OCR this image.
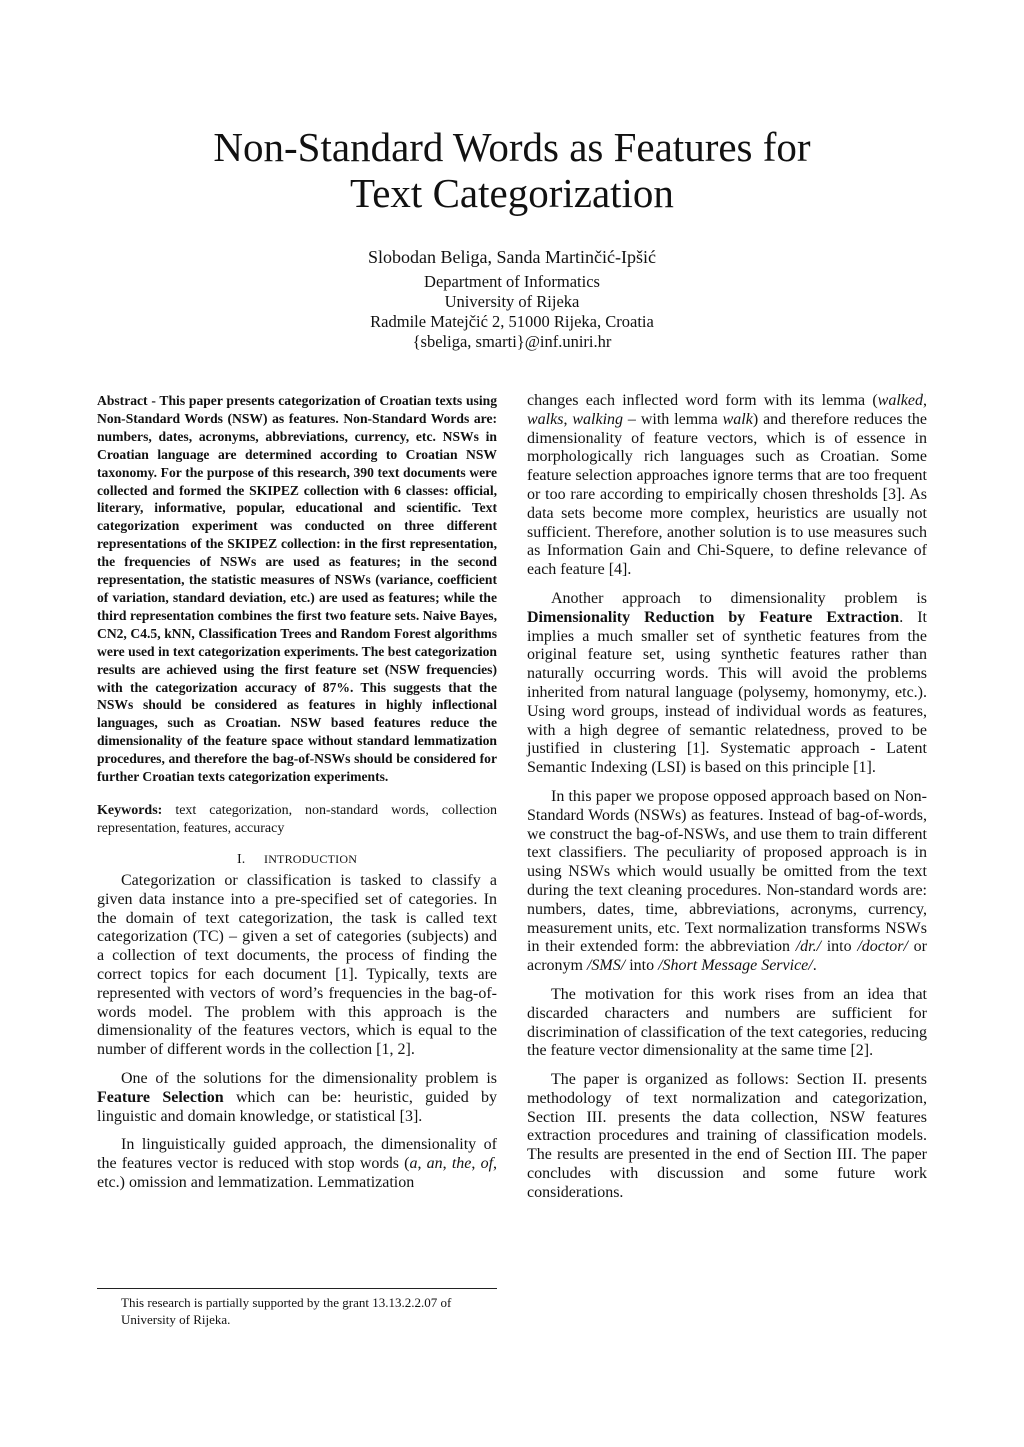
Non-Standard Words as Features for
Text Categorization
Slobodan Beliga, Sanda Martinčić-Ipšić
Department of Informatics
University of Rijeka
Radmile Matejčić 2, 51000 Rijeka, Croatia
{sbeliga, smarti}@inf.uniri.hr

Abstract - This paper presents categorization of Croatian texts using Non-Standard Words (NSW) as features. Non-Standard Words are: numbers, dates, acronyms, abbreviations, currency, etc. NSWs in Croatian language are determined according to Croatian NSW taxonomy. For the purpose of this research, 390 text documents were collected and formed the SKIPEZ collection with 6 classes: official, literary, informative, popular, educational and scientific. Text categorization experiment was conducted on three different representations of the SKIPEZ collection: in the first representation, the frequencies of NSWs are used as features; in the second representation, the statistic measures of NSWs (variance, coefficient of variation, standard deviation, etc.) are used as features; while the third representation combines the first two feature sets. Naive Bayes, CN2, C4.5, kNN, Classification Trees and Random Forest algorithms were used in text categorization experiments. The best categorization results are achieved using the first feature set (NSW frequencies) with the categorization accuracy of 87%. This suggests that the NSWs should be considered as features in highly inflectional languages, such as Croatian. NSW based features reduce the dimensionality of the feature space without standard lemmatization procedures, and therefore the bag-of-NSWs should be considered for further Croatian texts categorization experiments.

Keywords: text categorization, non-standard words, collection representation, features, accuracy

I. INTRODUCTION

Categorization or classification is tasked to classify a given data instance into a pre-specified set of categories. In the domain of text categorization, the task is called text categorization (TC) – given a set of categories (subjects) and a collection of text documents, the process of finding the correct topics for each document [1]. Typically, texts are represented with vectors of word’s frequencies in the bag-of-words model. The problem with this approach is the dimensionality of the features vectors, which is equal to the number of different words in the collection [1, 2].

One of the solutions for the dimensionality problem is Feature Selection which can be: heuristic, guided by linguistic and domain knowledge, or statistical [3].

In linguistically guided approach, the dimensionality of the features vector is reduced with stop words (a, an, the, of, etc.) omission and lemmatization. Lemmatization

changes each inflected word form with its lemma (walked, walks, walking – with lemma walk) and therefore reduces the dimensionality of feature vectors, which is of essence in morphologically rich languages such as Croatian. Some feature selection approaches ignore terms that are too frequent or too rare according to empirically chosen thresholds [3]. As data sets become more complex, heuristics are usually not sufficient. Therefore, another solution is to use measures such as Information Gain and Chi-Squere, to define relevance of each feature [4].

Another approach to dimensionality problem is Dimensionality Reduction by Feature Extraction. It implies a much smaller set of synthetic features from the original feature set, using synthetic features rather than naturally occurring words. This will avoid the problems inherited from natural language (polysemy, homonymy, etc.). Using word groups, instead of individual words as features, with a high degree of semantic relatedness, proved to be justified in clustering [1]. Systematic approach - Latent Semantic Indexing (LSI) is based on this principle [1].

In this paper we propose opposed approach based on Non-Standard Words (NSWs) as features. Instead of bag-of-words, we construct the bag-of-NSWs, and use them to train different text classifiers. The peculiarity of proposed approach is in using NSWs which would usually be omitted from the text during the text cleaning procedures. Non-standard words are: numbers, dates, time, abbreviations, acronyms, currency, measurement units, etc. Text normalization transforms NSWs in their extended form: the abbreviation /dr./ into /doctor/ or acronym /SMS/ into /Short Message Service/.

The motivation for this work rises from an idea that discarded characters and numbers are sufficient for discrimination of classification of the text categories, reducing the feature vector dimensionality at the same time [2].

The paper is organized as follows: Section II. presents methodology of text normalization and categorization, Section III. presents the data collection, NSW features extraction procedures and training of classification models. The results are presented in the end of Section III. The paper concludes with discussion and some future work considerations.

This research is partially supported by the grant 13.13.2.2.07 of University of Rijeka.
